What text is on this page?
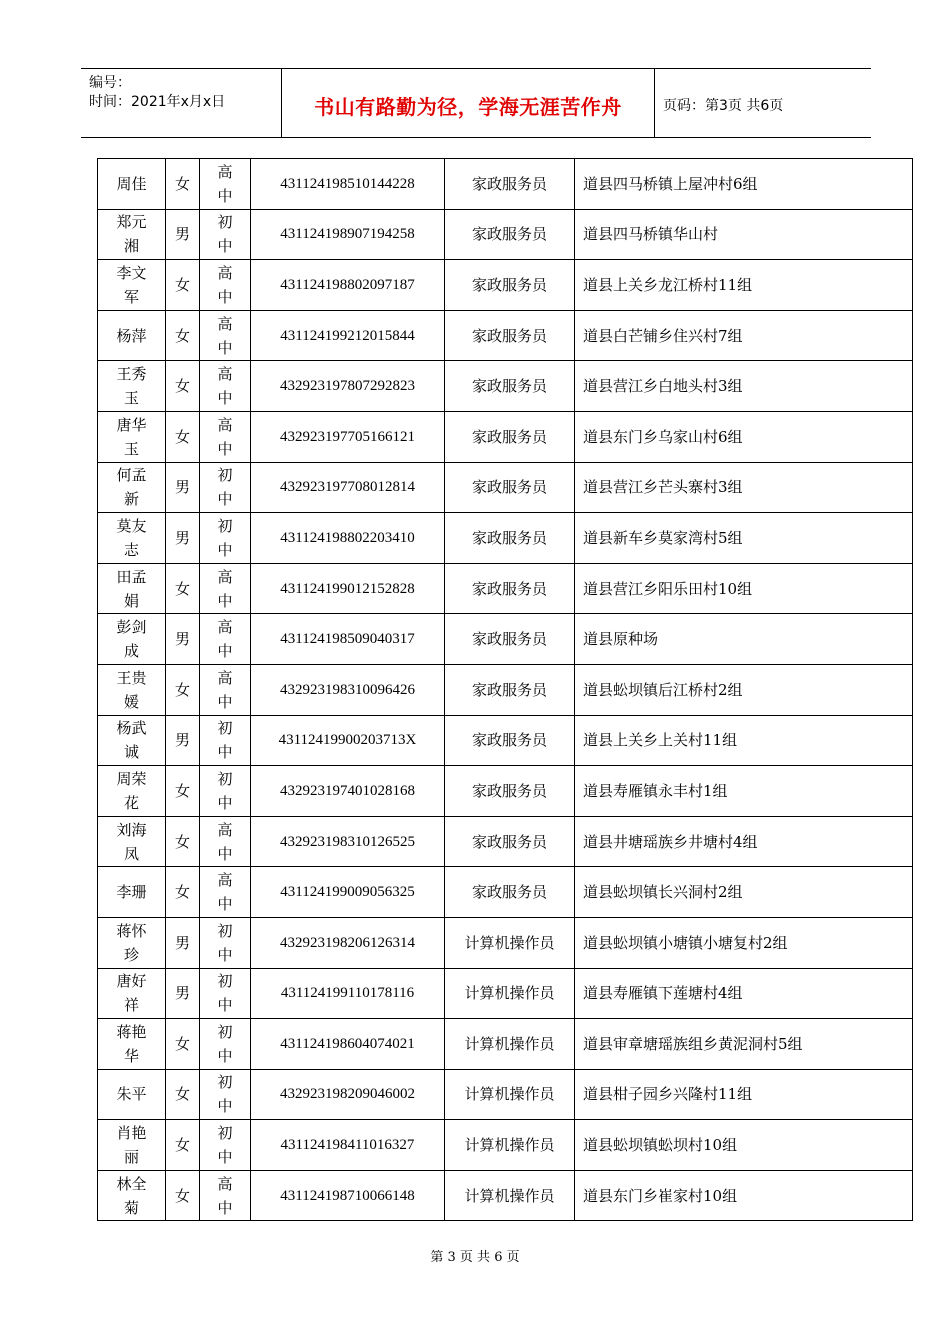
编号：
时间：2021年x月x日	书山有路勤为径，学海无涯苦作舟	页码：第3页 共6页
周佳	女	高中	431124198510144228	家政服务员	道县四马桥镇上屋冲村6组

郑元湘	男	初中	431124198907194258	家政服务员	道县四马桥镇华山村

李文军	女	高中	431124198802097187	家政服务员	道县上关乡龙江桥村11组

杨萍	女	高中	431124199212015844	家政服务员	道县白芒铺乡住兴村7组

王秀玉	女	高中	432923197807292823	家政服务员	道县营江乡白地头村3组

唐华玉	女	高中	432923197705166121	家政服务员	道县东门乡乌家山村6组

何孟新	男	初中	432923197708012814	家政服务员	道县营江乡芒头寨村3组

莫友志	男	初中	431124198802203410	家政服务员	道县新车乡莫家湾村5组

田孟娟	女	高中	431124199012152828	家政服务员	道县营江乡阳乐田村10组

彭剑成	男	高中	431124198509040317	家政服务员	道县原种场

王贵媛	女	高中	432923198310096426	家政服务员	道县蚣坝镇后江桥村2组

杨武诚	男	初中	43112419900203713X	家政服务员	道县上关乡上关村11组

周荣花	女	初中	432923197401028168	家政服务员	道县寿雁镇永丰村1组

刘海凤	女	高中	432923198310126525	家政服务员	道县井塘瑶族乡井塘村4组

李珊	女	高中	431124199009056325	家政服务员	道县蚣坝镇长兴洞村2组

蒋怀珍	男	初中	432923198206126314	计算机操作员	道县蚣坝镇小塘镇小塘复村2组

唐好祥	男	初中	431124199110178116	计算机操作员	道县寿雁镇下莲塘村4组

蒋艳华	女	初中	431124198604074021	计算机操作员	道县审章塘瑶族组乡黄泥洞村5组

朱平	女	初中	432923198209046002	计算机操作员	道县柑子园乡兴隆村11组

肖艳丽	女	初中	431124198411016327	计算机操作员	道县蚣坝镇蚣坝村10组

林全菊	女	高中	431124198710066148	计算机操作员	道县东门乡崔家村10组
第 3 页 共 6 页
